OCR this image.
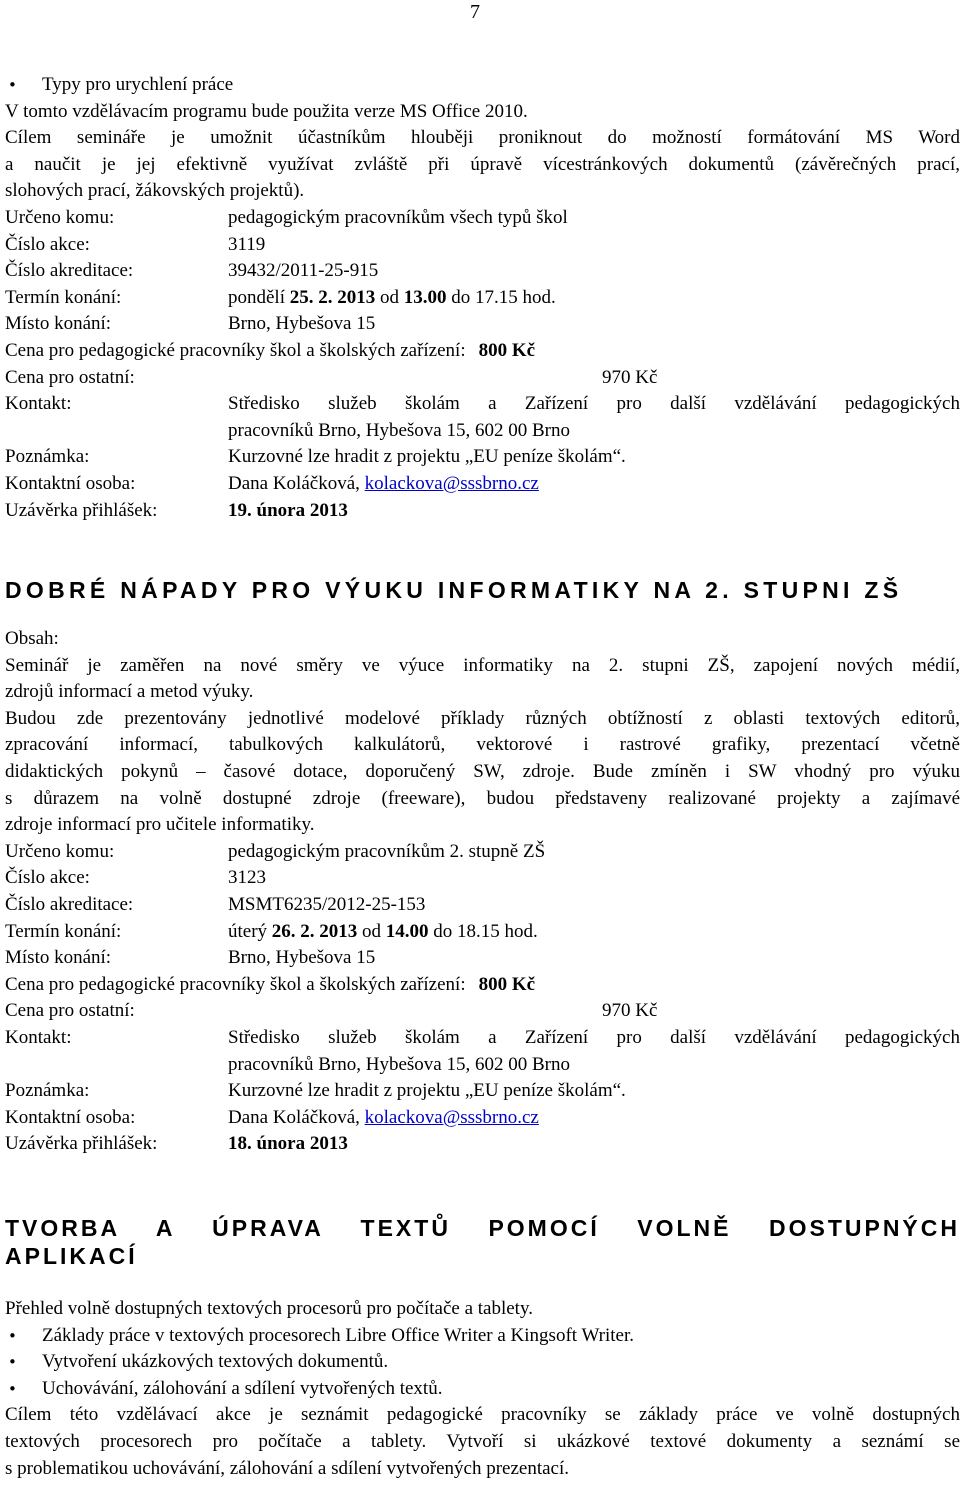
7
• Typy pro urychlení práce
V tomto vzdělávacím programu bude použita verze MS Office 2010.
Cílem semináře je umožnit účastníkům hlouběji proniknout do možností formátování MS Word
a naučit je jej efektivně využívat zvláště při úpravě vícestránkových dokumentů (závěrečných prací,
slohových prací, žákovských projektů).
Určeno komu:	pedagogickým pracovníkům všech typů škol
Číslo akce:	3119
Číslo akreditace:	39432/2011-25-915
Termín konání:	pondělí 25. 2. 2013 od 13.00 do 17.15 hod.
Místo konání:	Brno, Hybešova 15
Cena pro pedagogické pracovníky škol a školských zařízení: 800 Kč
Cena pro ostatní:	970 Kč
Kontakt:	Středisko služeb školám a Zařízení pro další vzdělávání pedagogických
pracovníků Brno, Hybešova 15, 602 00 Brno
Poznámka:	Kurzovné lze hradit z projektu „EU peníze školám“.
Kontaktní osoba:	Dana Koláčková, kolackova@sssbrno.cz
Uzávěrka přihlášek:	19. února 2013
DOBRÉ NÁPADY PRO VÝUKU INFORMATIKY NA 2. STUPNI ZŠ
Obsah:
Seminář je zaměřen na nové směry ve výuce informatiky na 2. stupni ZŠ, zapojení nových médií,
zdrojů informací a metod výuky.
Budou zde prezentovány jednotlivé modelové příklady různých obtížností z oblasti textových editorů,
zpracování informací, tabulkových kalkulátorů, vektorové i rastrové grafiky, prezentací včetně
didaktických pokynů – časové dotace, doporučený SW, zdroje. Bude zmíněn i SW vhodný pro výuku
s důrazem na volně dostupné zdroje (freeware), budou představeny realizované projekty a zajímavé
zdroje informací pro učitele informatiky.
Určeno komu:	pedagogickým pracovníkům 2. stupně ZŠ
Číslo akce:	3123
Číslo akreditace:	MSMT6235/2012-25-153
Termín konání:	úterý 26. 2. 2013 od 14.00 do 18.15 hod.
Místo konání:	Brno, Hybešova 15
Cena pro pedagogické pracovníky škol a školských zařízení: 800 Kč
Cena pro ostatní:	970 Kč
Kontakt:	Středisko služeb školám a Zařízení pro další vzdělávání pedagogických
pracovníků Brno, Hybešova 15, 602 00 Brno
Poznámka:	Kurzovné lze hradit z projektu „EU peníze školám“.
Kontaktní osoba:	Dana Koláčková, kolackova@sssbrno.cz
Uzávěrka přihlášek:	18. února 2013
TVORBA A ÚPRAVA TEXTŮ POMOCÍ VOLNĚ DOSTUPNÝCH
APLIKACÍ
Přehled volně dostupných textových procesorů pro počítače a tablety.
• Základy práce v textových procesorech Libre Office Writer a Kingsoft Writer.
• Vytvoření ukázkových textových dokumentů.
• Uchovávání, zálohování a sdílení vytvořených textů.
Cílem této vzdělávací akce je seznámit pedagogické pracovníky se základy práce ve volně dostupných
textových procesorech pro počítače a tablety. Vytvoří si ukázkové textové dokumenty a seznámí se
s problematikou uchovávání, zálohování a sdílení vytvořených prezentací.
